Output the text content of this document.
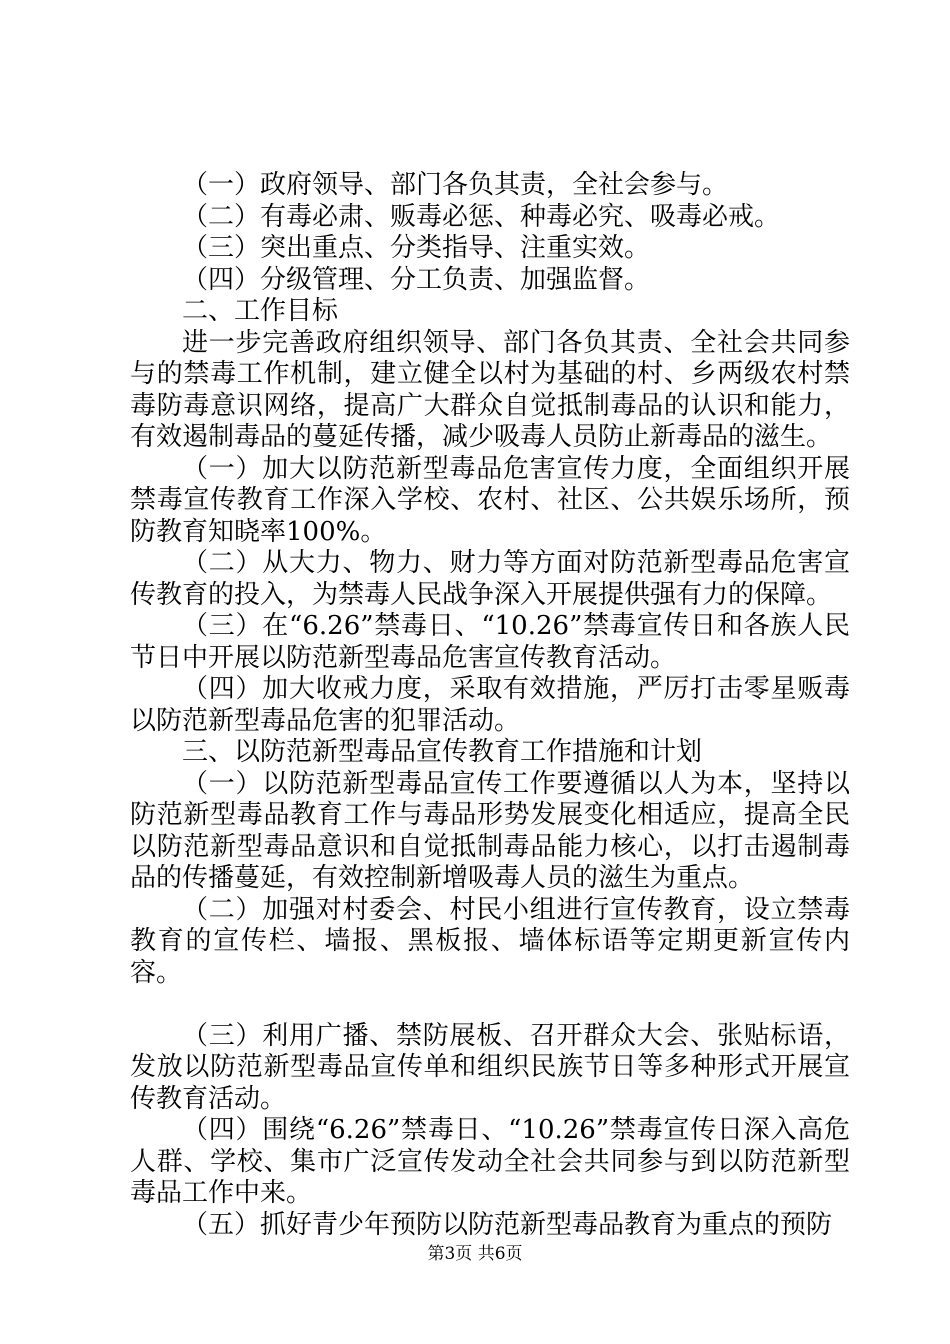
（一）政府领导、部门各负其责，全社会参与。

（二）有毒必肃、贩毒必惩、种毒必究、吸毒必戒。

（三）突出重点、分类指导、注重实效。

（四）分级管理、分工负责、加强监督。

二、工作目标

进一步完善政府组织领导、部门各负其责、全社会共同参与的禁毒工作机制，建立健全以村为基础的村、乡两级农村禁毒防毒意识网络，提高广大群众自觉抵制毒品的认识和能力，有效遏制毒品的蔓延传播，减少吸毒人员防止新毒品的滋生。

（一）加大以防范新型毒品危害宣传力度，全面组织开展禁毒宣传教育工作深入学校、农村、社区、公共娱乐场所，预防教育知晓率100%。

（二）从大力、物力、财力等方面对防范新型毒品危害宣传教育的投入，为禁毒人民战争深入开展提供强有力的保障。

（三）在“6.26”禁毒日、“10.26”禁毒宣传日和各族人民节日中开展以防范新型毒品危害宣传教育活动。

（四）加大收戒力度，采取有效措施，严厉打击零星贩毒以防范新型毒品危害的犯罪活动。

三、以防范新型毒品宣传教育工作措施和计划

（一）以防范新型毒品宣传工作要遵循以人为本，坚持以防范新型毒品教育工作与毒品形势发展变化相适应，提高全民以防范新型毒品意识和自觉抵制毒品能力核心，以打击遏制毒品的传播蔓延，有效控制新增吸毒人员的滋生为重点。

（二）加强对村委会、村民小组进行宣传教育，设立禁毒教育的宣传栏、墙报、黑板报、墙体标语等定期更新宣传内容。

（三）利用广播、禁防展板、召开群众大会、张贴标语，发放以防范新型毒品宣传单和组织民族节日等多种形式开展宣传教育活动。

（四）围绕“6.26”禁毒日、“10.26”禁毒宣传日深入高危人群、学校、集市广泛宣传发动全社会共同参与到以防范新型毒品工作中来。

（五）抓好青少年预防以防范新型毒品教育为重点的预防

第3页 共6页
